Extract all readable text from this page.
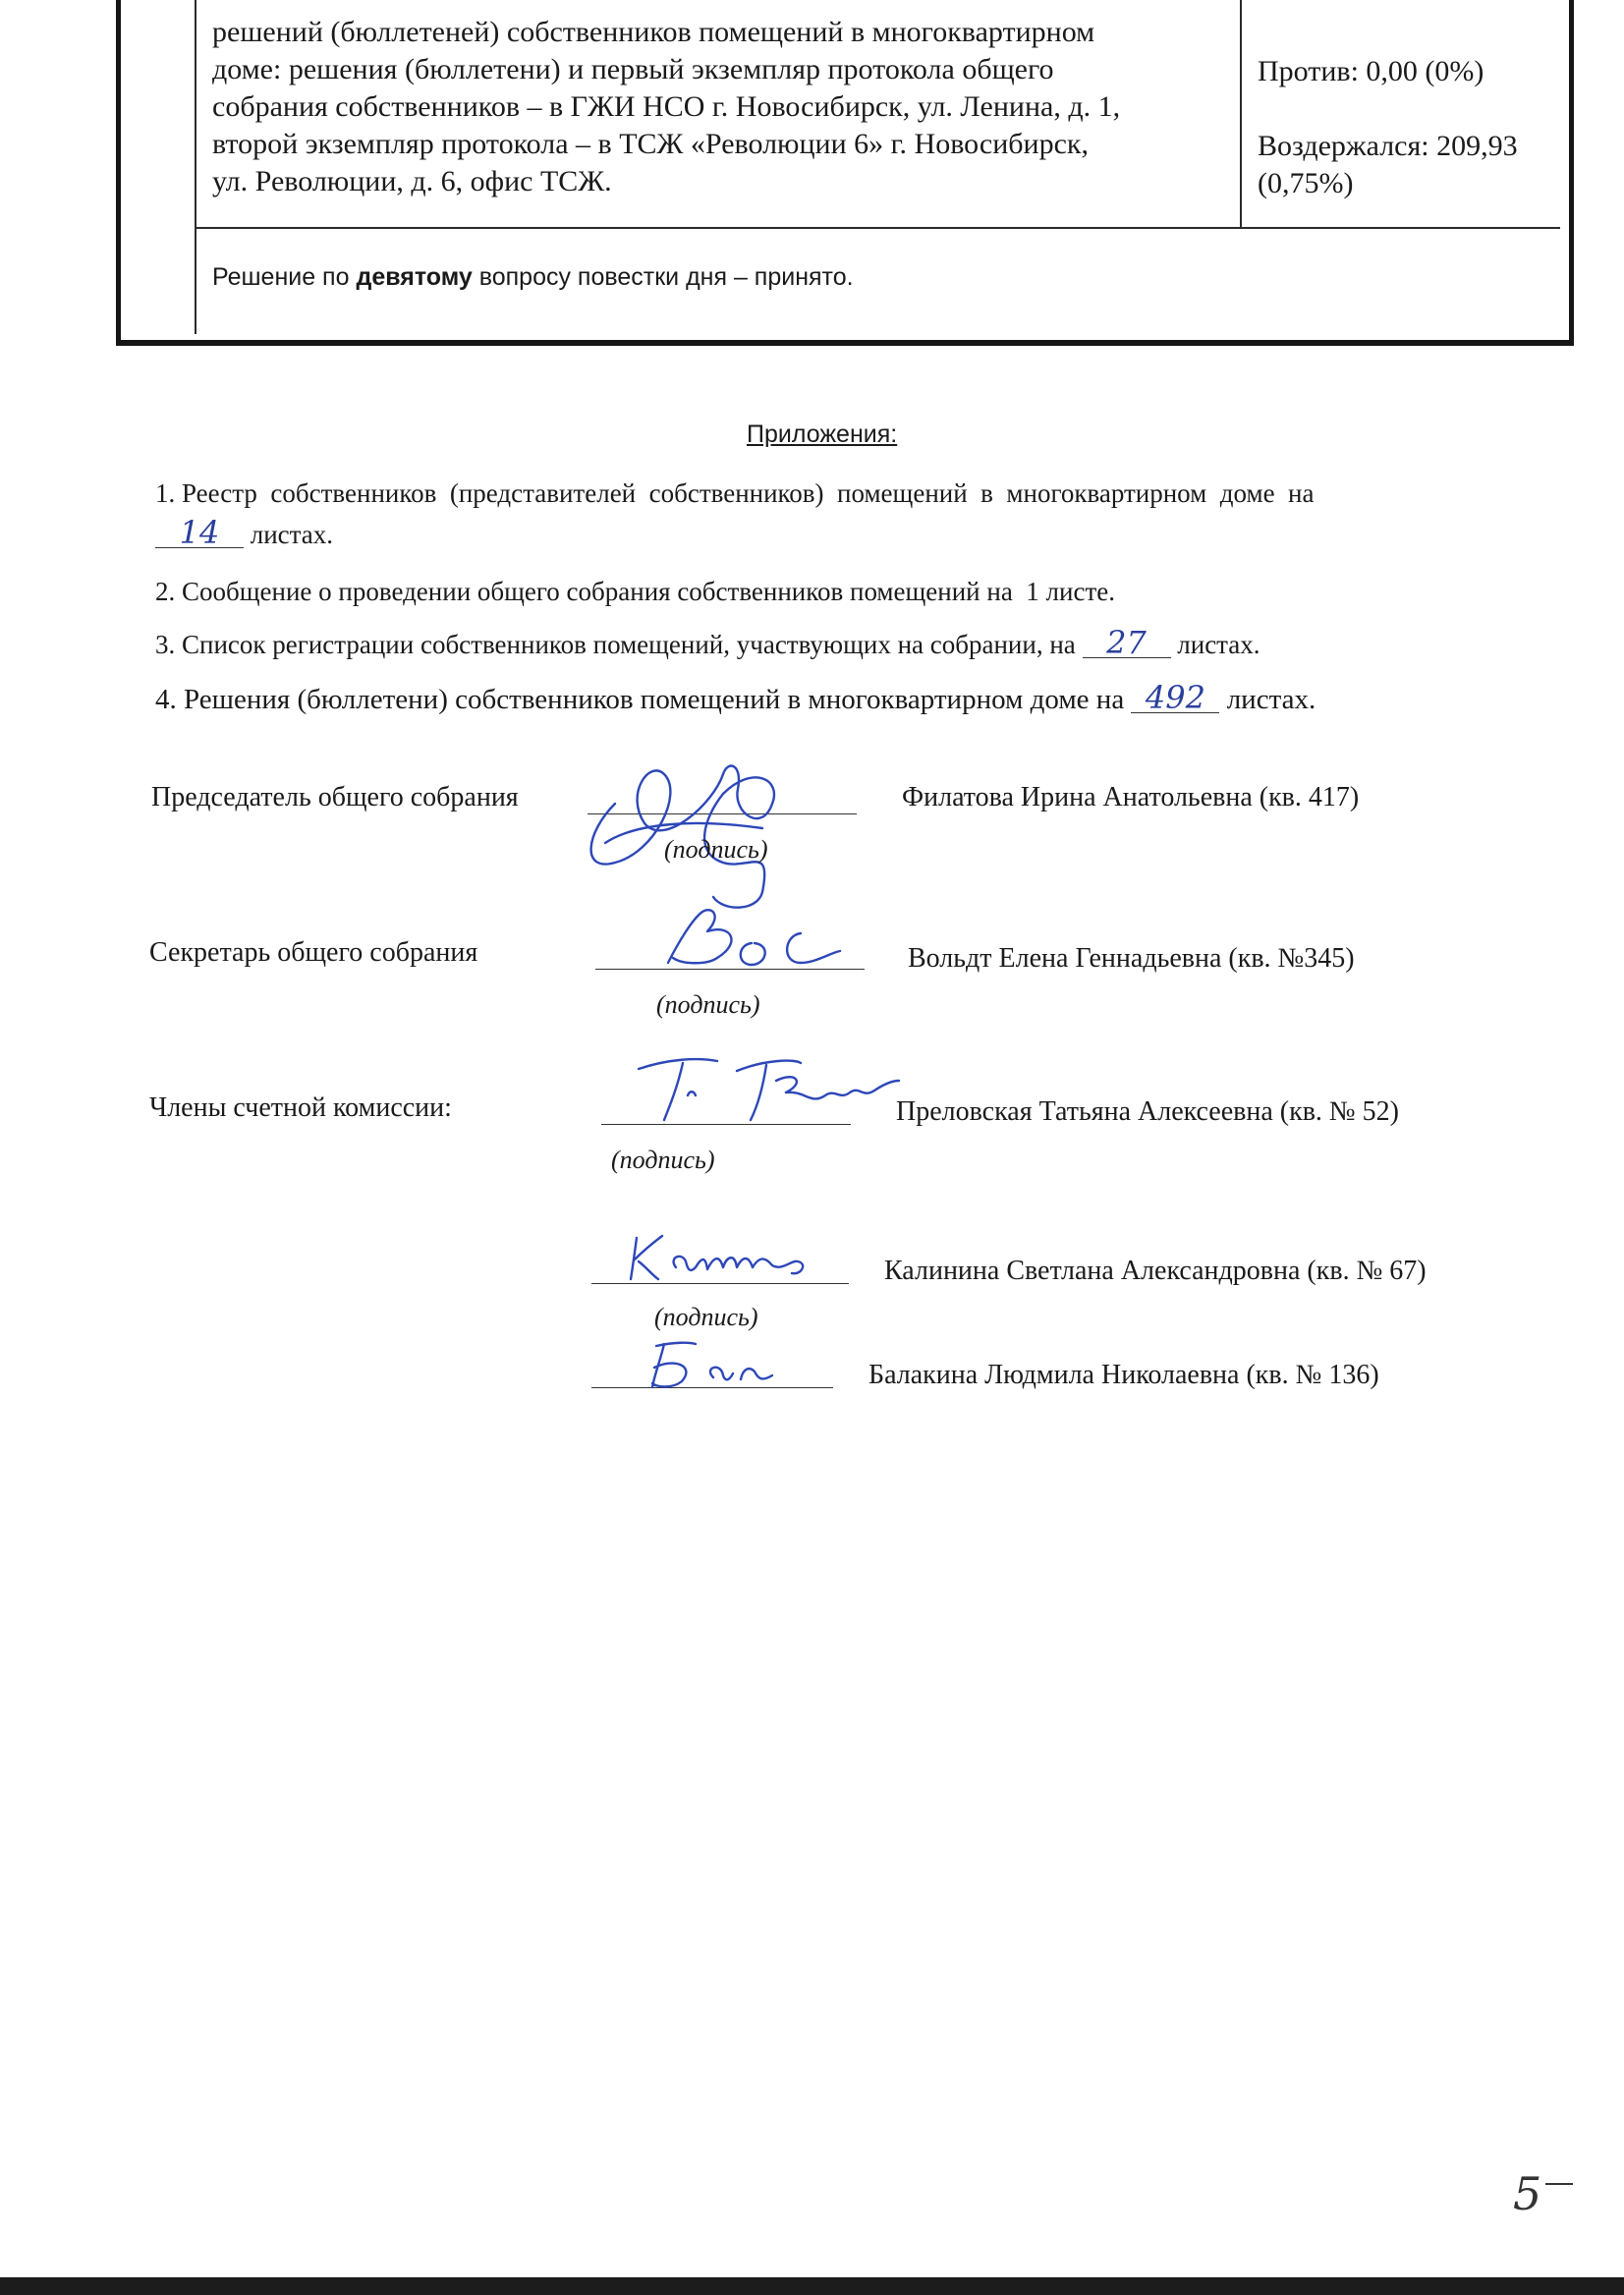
решений (бюллетеней) собственников помещений в многоквартирном
доме: решения (бюллетени) и первый экземпляр протокола общего
собрания собственников – в ГЖИ НСО г. Новосибирск, ул. Ленина, д. 1,
второй экземпляр протокола – в ТСЖ «Революции 6» г. Новосибирск,
ул. Революции, д. 6, офис ТСЖ.
Против: 0,00 (0%)
Воздержался: 209,93
(0,75%)
Решение по девятому вопросу повестки дня – принято.
Приложения:
1. Реестр  собственников  (представителей  собственников)  помещений  в  многоквартирном  доме  на
14 листах.
2. Сообщение о проведении общего собрания собственников помещений на  1 листе.
3. Список регистрации собственников помещений, участвующих на собрании, на 27 листах.
4. Решения (бюллетени) собственников помещений в многоквартирном доме на 492 листах.
Председатель общего собрания	Филатова Ирина Анатольевна (кв. 417)
(подпись)
Секретарь общего собрания	Вольдт Елена Геннадьевна (кв. №345)
(подпись)
Члены счетной комиссии:	Преловская Татьяна Алексеевна (кв. № 52)
(подпись)
Калинина Светлана Александровна (кв. № 67)
(подпись)
Балакина Людмила Николаевна (кв. № 136)
5
